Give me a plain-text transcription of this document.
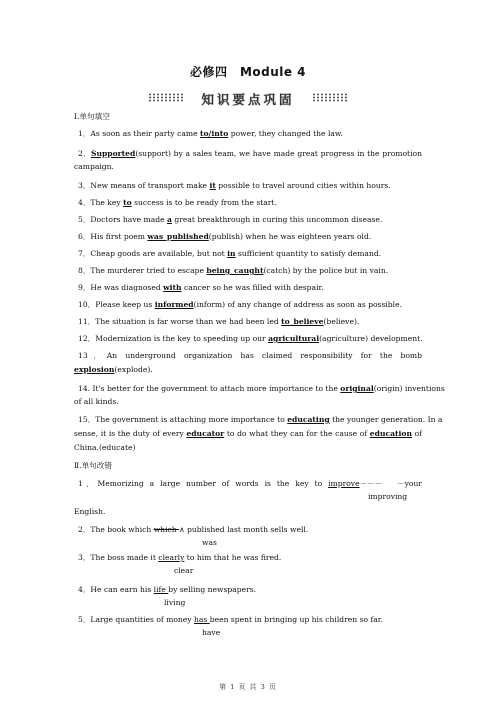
必修四　Module 4
知识要点巩固
Ⅰ.单句填空
1．As soon as their party came to/into power, they changed the law.
2．Supported(support) by a sales team, we have made great progress in the promotion
campaign.
3．New means of transport make it possible to travel around cities within hours.
4．The key to success is to be ready from the start.
5．Doctors have made a great breakthrough in curing this uncommon disease.
6．His first poem was_published(publish) when he was eighteen years old.
7．Cheap goods are available, but not in sufficient quantity to satisfy demand.
8．The murderer tried to escape being_caught(catch) by the police but in vain.
9．He was diagnosed with cancer so he was filled with despair.
10．Please keep us informed(inform) of any change of address as soon as possible.
11．The situation is far worse than we had been led to_believe(believe).
12．Modernization is the key to speeding up our agricultural(agriculture) development.
13．An underground organization has claimed responsibility for the bomb
explosion(explode).
14. It's better for the government to attach more importance to the original(origin) inventions
of all kinds.
15．The government is attaching more importance to educating the younger generation. In a
sense, it is the duty of every educator to do what they can for the cause of education of
China.(educate)
Ⅱ.单句改错
1．Memorizing a large number of words is the key to improve－－－　－your
improving
English.
2．The book which which ∧ published last month sells well.
was
3．The boss made it clearly to him that he was fired.
clear
4．He can earn his life by selling newspapers.
living
5．Large quantities of money has been spent in bringing up his children so far.
have
第 1 页 共 3 页
